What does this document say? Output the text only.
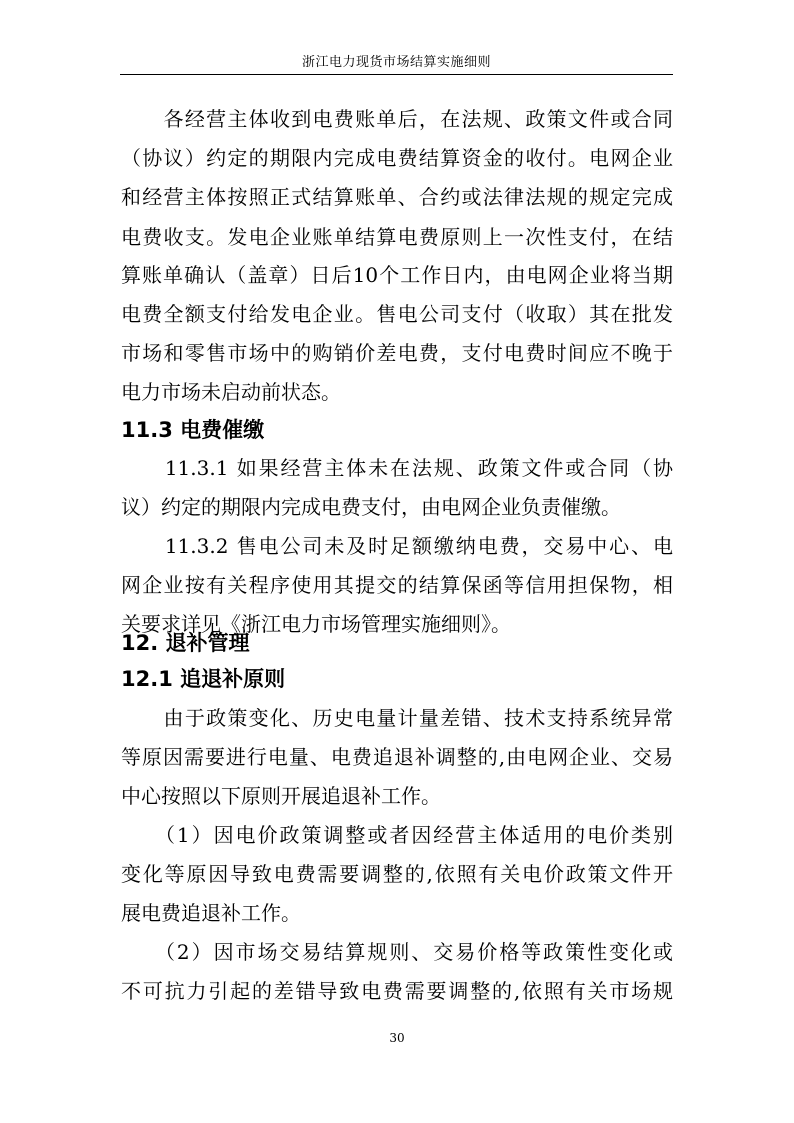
浙江电力现货市场结算实施细则
　　各经营主体收到电费账单后，在法规、政策文件或合同
（协议）约定的期限内完成电费结算资金的收付。电网企业
和经营主体按照正式结算账单、合约或法律法规的规定完成
电费收支。发电企业账单结算电费原则上一次性支付，在结
算账单确认（盖章）日后10个工作日内，由电网企业将当期
电费全额支付给发电企业。售电公司支付（收取）其在批发
市场和零售市场中的购销价差电费，支付电费时间应不晚于
电力市场未启动前状态。
11.3 电费催缴
　　11.3.1 如果经营主体未在法规、政策文件或合同（协
议）约定的期限内完成电费支付，由电网企业负责催缴。
　　11.3.2 售电公司未及时足额缴纳电费，交易中心、电
网企业按有关程序使用其提交的结算保函等信用担保物，相
关要求详见《浙江电力市场管理实施细则》。
12. 退补管理
12.1 追退补原则
　　由于政策变化、历史电量计量差错、技术支持系统异常
等原因需要进行电量、电费追退补调整的,由电网企业、交易
中心按照以下原则开展追退补工作。
　　（1）因电价政策调整或者因经营主体适用的电价类别
变化等原因导致电费需要调整的,依照有关电价政策文件开
展电费追退补工作。
　　（2）因市场交易结算规则、交易价格等政策性变化或
不可抗力引起的差错导致电费需要调整的,依照有关市场规
30
